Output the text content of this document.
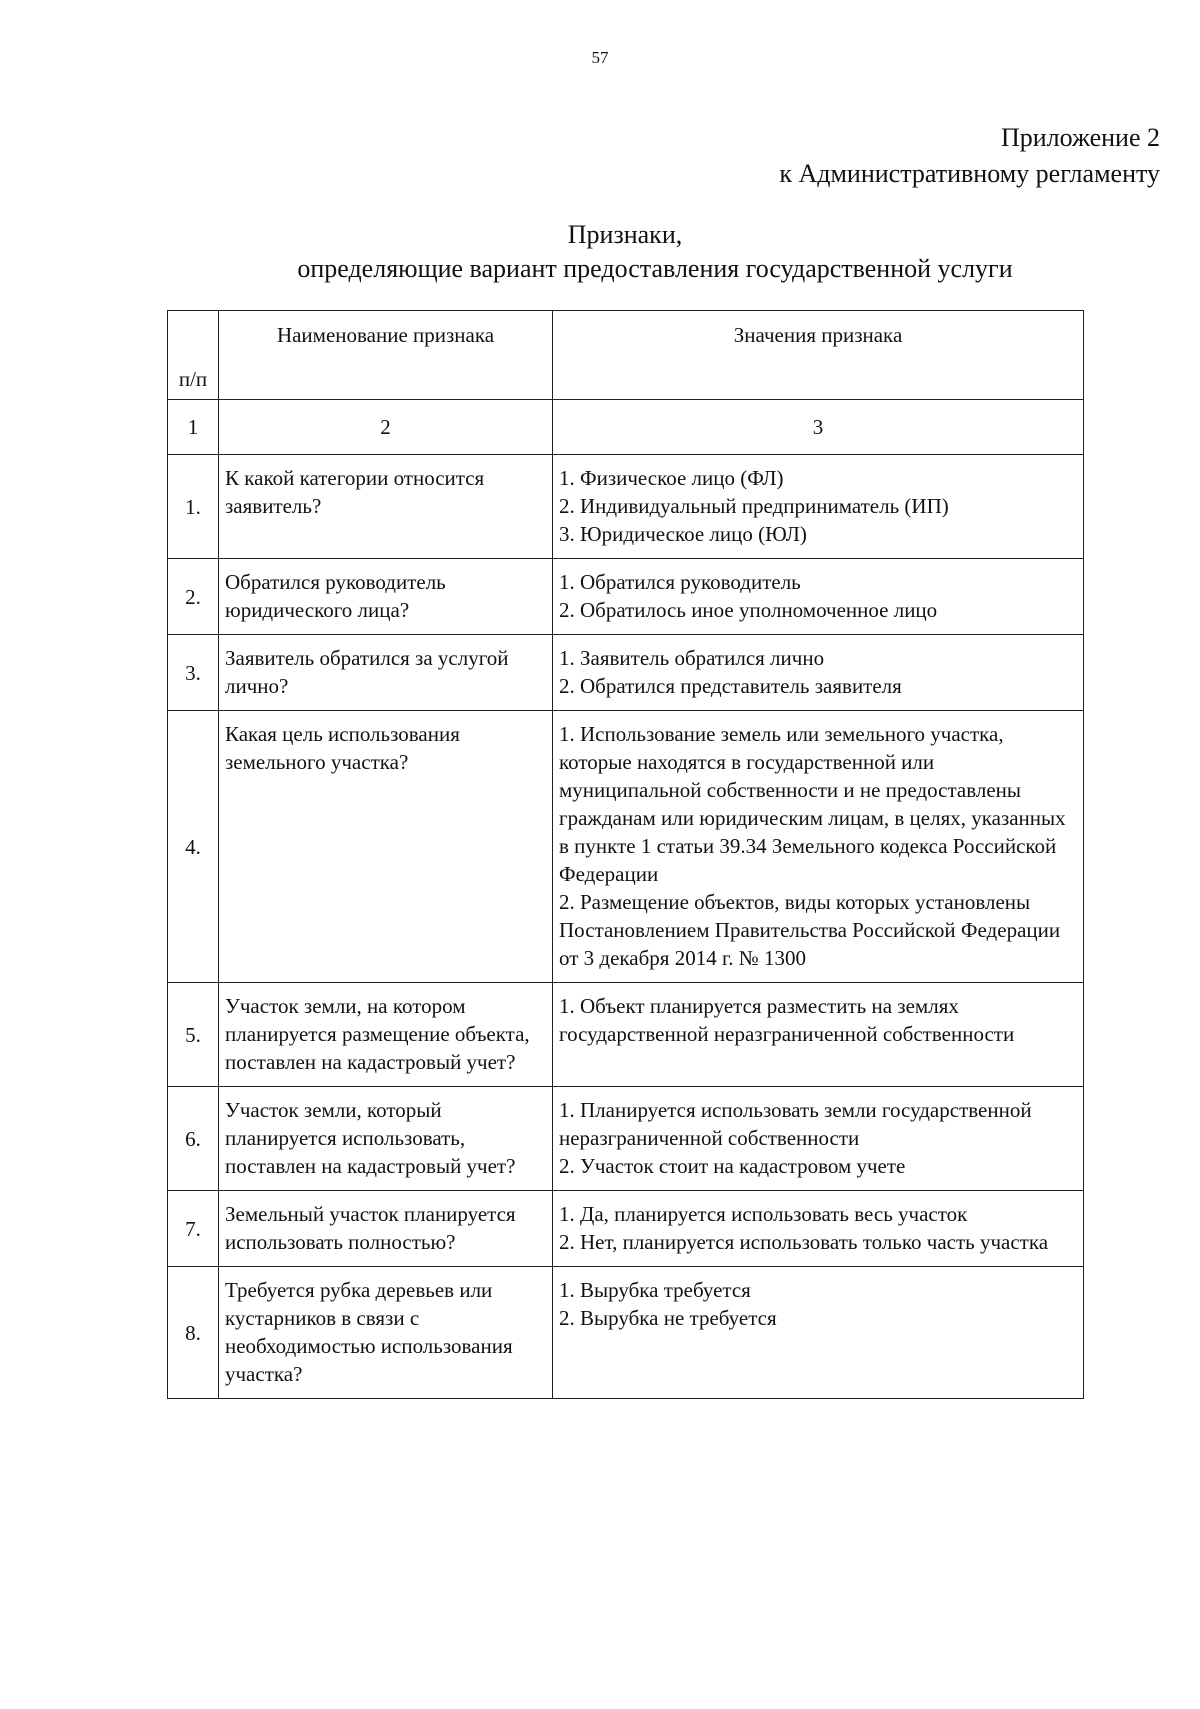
57
Приложение 2
к Административному регламенту
Признаки,
определяющие вариант предоставления государственной услуги
п/п	Наименование признака	Значения признака
1	2	3
1.	К какой категории относится заявитель?	1. Физическое лицо (ФЛ)
2. Индивидуальный предприниматель (ИП)
3. Юридическое лицо (ЮЛ)

2.	Обратился руководитель юридического лица?	1. Обратился руководитель
2. Обратилось иное уполномоченное лицо

3.	Заявитель обратился за услугой лично?	1. Заявитель обратился лично
2. Обратился представитель заявителя

4.	Какая цель использования земельного участка?	1. Использование земель или земельного участка, которые находятся в государственной или муниципальной собственности и не предоставлены гражданам или юридическим лицам, в целях, указанных в пункте 1 статьи 39.34 Земельного кодекса Российской Федерации
2. Размещение объектов, виды которых установлены Постановлением Правительства Российской Федерации от 3 декабря 2014 г. № 1300

5.	Участок земли, на котором планируется размещение объекта, поставлен на кадастровый учет?	1. Объект планируется разместить на землях государственной неразграниченной собственности

6.	Участок земли, который планируется использовать, поставлен на кадастровый учет?	1. Планируется использовать земли государственной неразграниченной собственности
2. Участок стоит на кадастровом учете

7.	Земельный участок планируется использовать полностью?	1. Да, планируется использовать весь участок
2. Нет, планируется использовать только часть участка

8.	Требуется рубка деревьев или кустарников в связи с необходимостью использования участка?	1. Вырубка требуется
2. Вырубка не требуется
